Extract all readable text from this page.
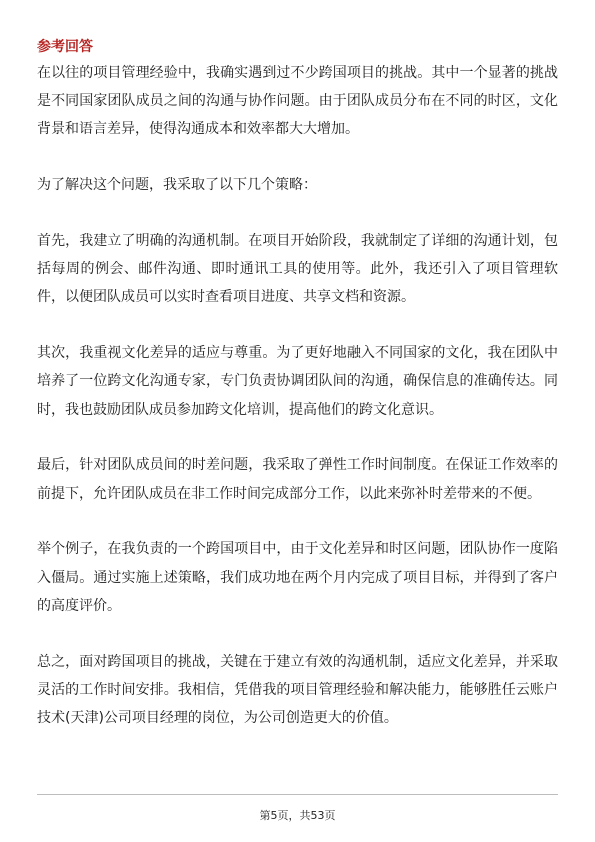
参考回答

在以往的项目管理经验中，我确实遇到过不少跨国项目的挑战。其中一个显著的挑战是不同国家团队成员之间的沟通与协作问题。由于团队成员分布在不同的时区，文化背景和语言差异，使得沟通成本和效率都大大增加。

为了解决这个问题，我采取了以下几个策略：

首先，我建立了明确的沟通机制。在项目开始阶段，我就制定了详细的沟通计划，包括每周的例会、邮件沟通、即时通讯工具的使用等。此外，我还引入了项目管理软件，以便团队成员可以实时查看项目进度、共享文档和资源。

其次，我重视文化差异的适应与尊重。为了更好地融入不同国家的文化，我在团队中培养了一位跨文化沟通专家，专门负责协调团队间的沟通，确保信息的准确传达。同时，我也鼓励团队成员参加跨文化培训，提高他们的跨文化意识。

最后，针对团队成员间的时差问题，我采取了弹性工作时间制度。在保证工作效率的前提下，允许团队成员在非工作时间完成部分工作，以此来弥补时差带来的不便。

举个例子，在我负责的一个跨国项目中，由于文化差异和时区问题，团队协作一度陷入僵局。通过实施上述策略，我们成功地在两个月内完成了项目目标，并得到了客户的高度评价。

总之，面对跨国项目的挑战，关键在于建立有效的沟通机制，适应文化差异，并采取灵活的工作时间安排。我相信，凭借我的项目管理经验和解决能力，能够胜任云账户技术(天津)公司项目经理的岗位，为公司创造更大的价值。

第5页，共53页
